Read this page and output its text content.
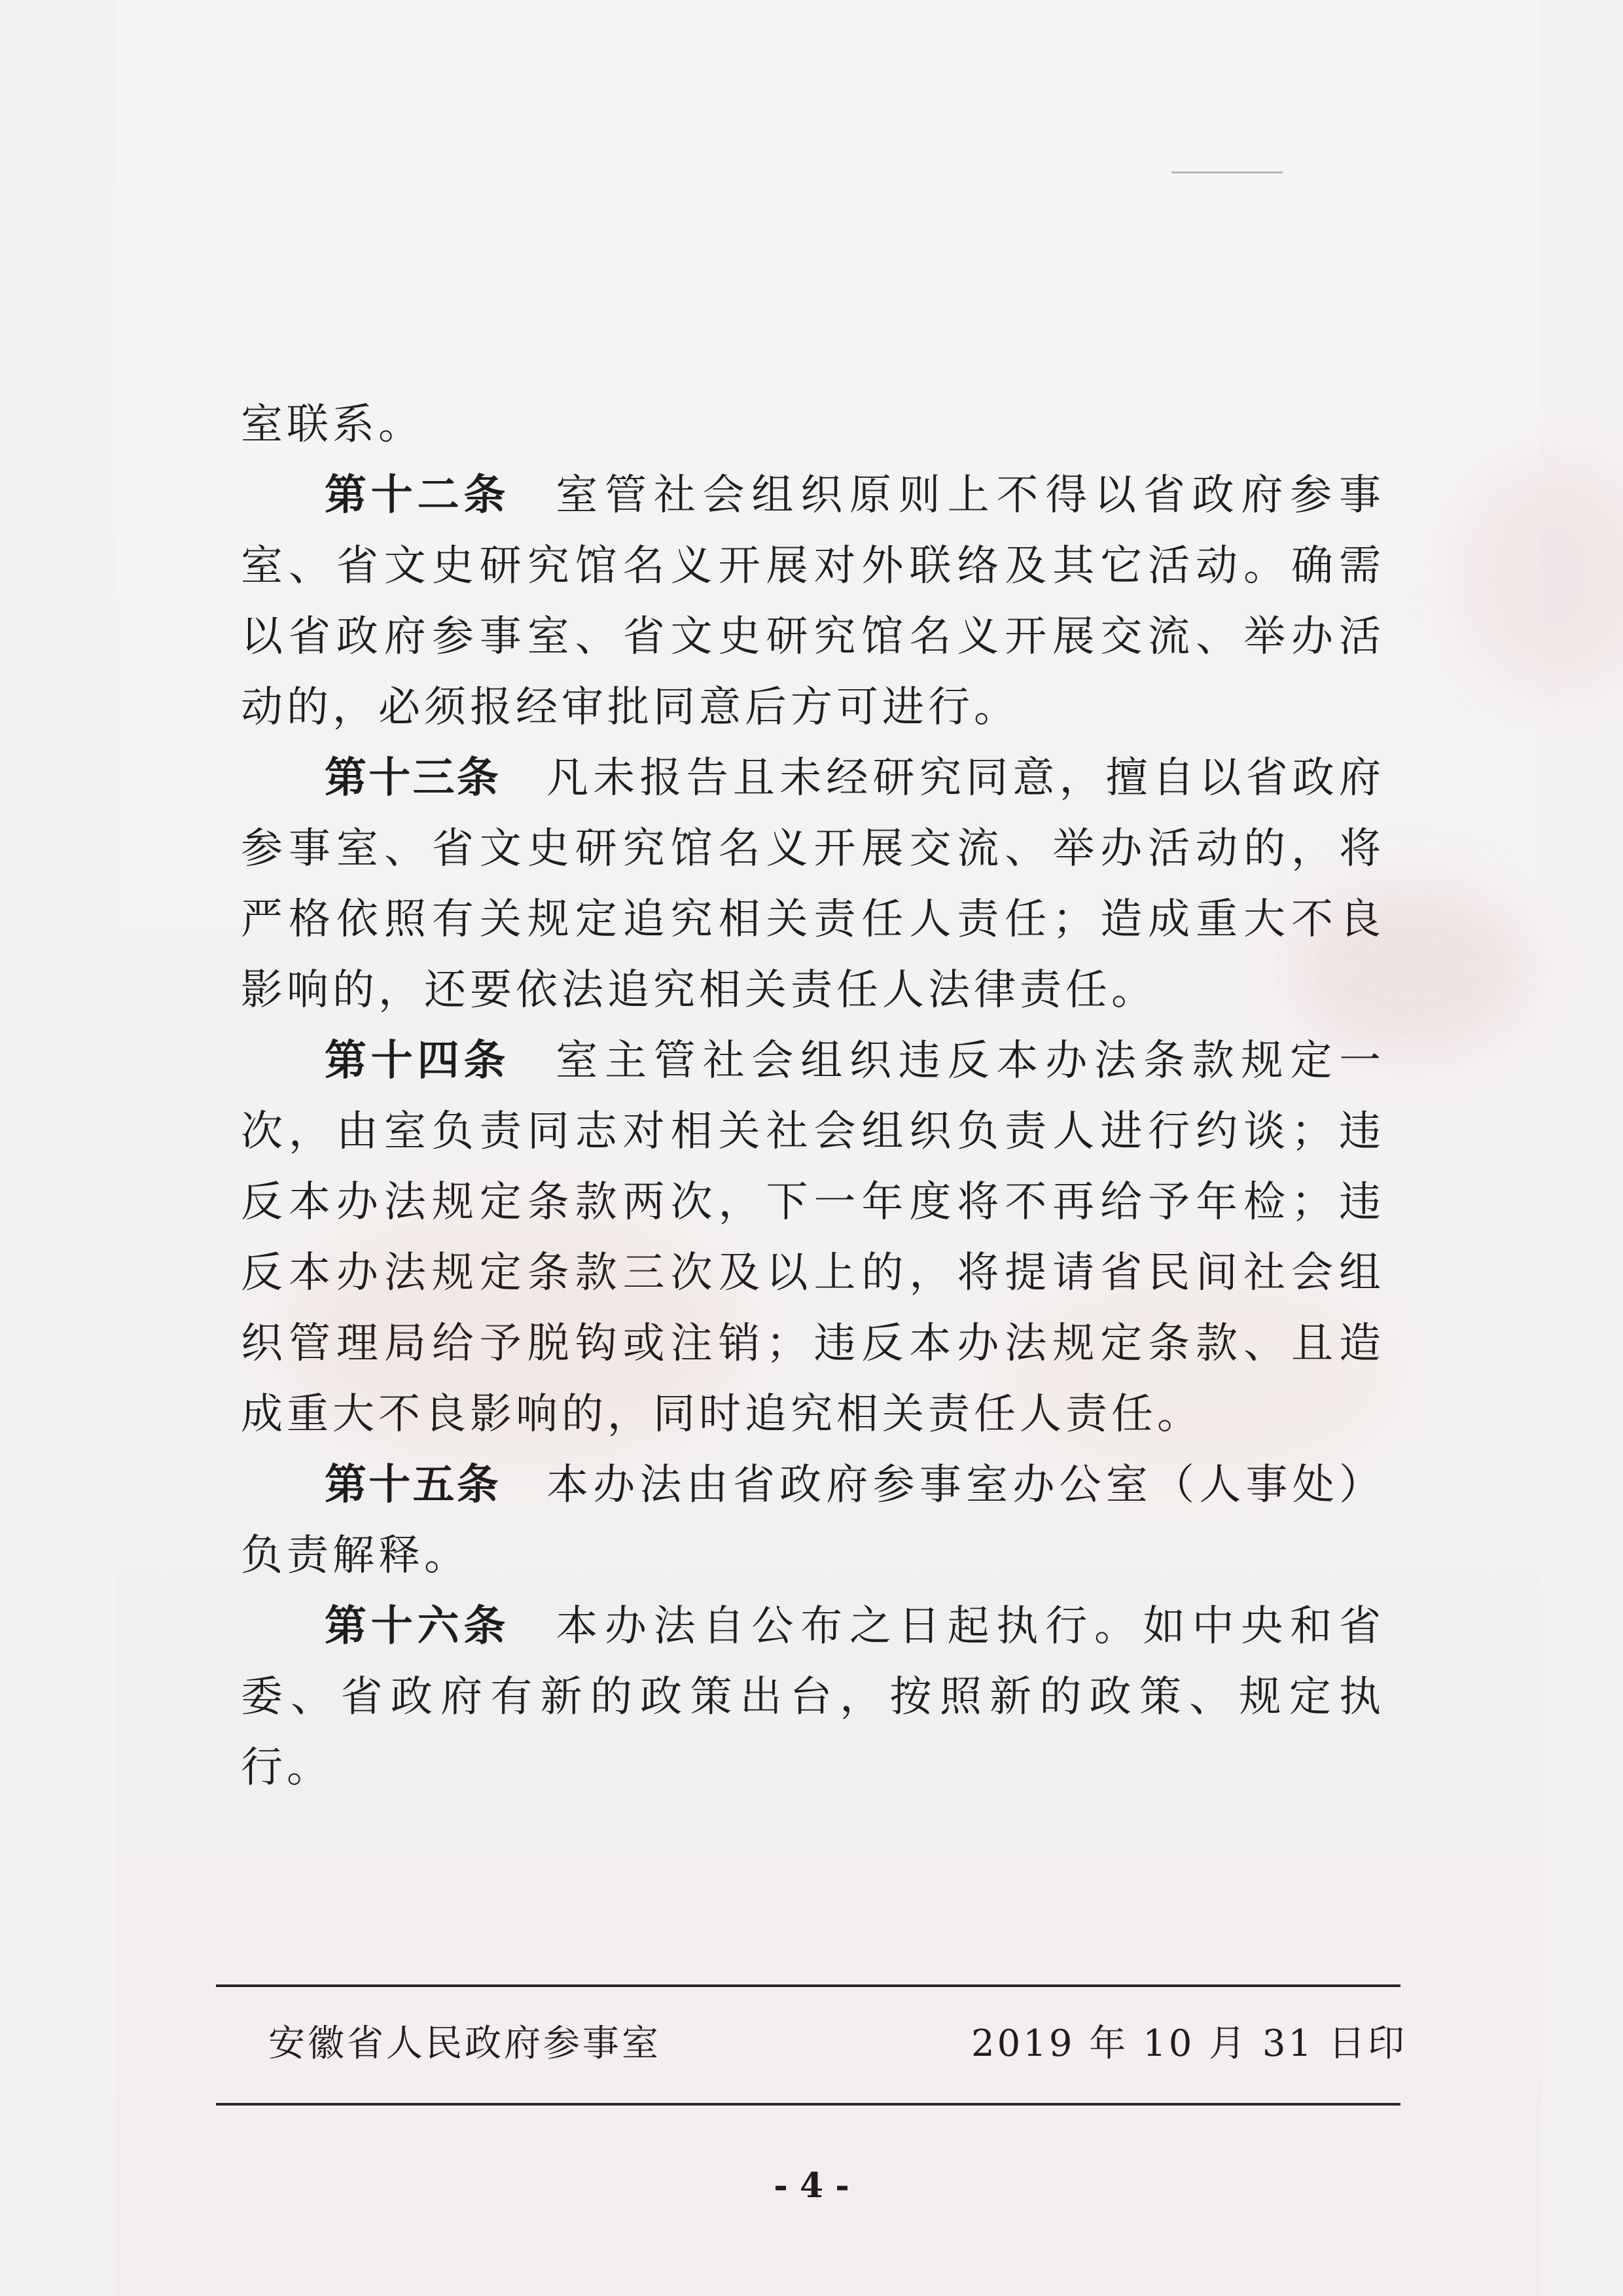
室联系。

第十二条 室管社会组织原则上不得以省政府参事室、省文史研究馆名义开展对外联络及其它活动。确需以省政府参事室、省文史研究馆名义开展交流、举办活动的，必须报经审批同意后方可进行。

第十三条 凡未报告且未经研究同意，擅自以省政府参事室、省文史研究馆名义开展交流、举办活动的，将严格依照有关规定追究相关责任人责任；造成重大不良影响的，还要依法追究相关责任人法律责任。

第十四条 室主管社会组织违反本办法条款规定一次，由室负责同志对相关社会组织负责人进行约谈；违反本办法规定条款两次，下一年度将不再给予年检；违反本办法规定条款三次及以上的，将提请省民间社会组织管理局给予脱钩或注销；违反本办法规定条款、且造成重大不良影响的，同时追究相关责任人责任。

第十五条 本办法由省政府参事室办公室（人事处）负责解释。

第十六条 本办法自公布之日起执行。如中央和省委、省政府有新的政策出台，按照新的政策、规定执行。

安徽省人民政府参事室	2019 年 10 月 31 日印
- 4 -
